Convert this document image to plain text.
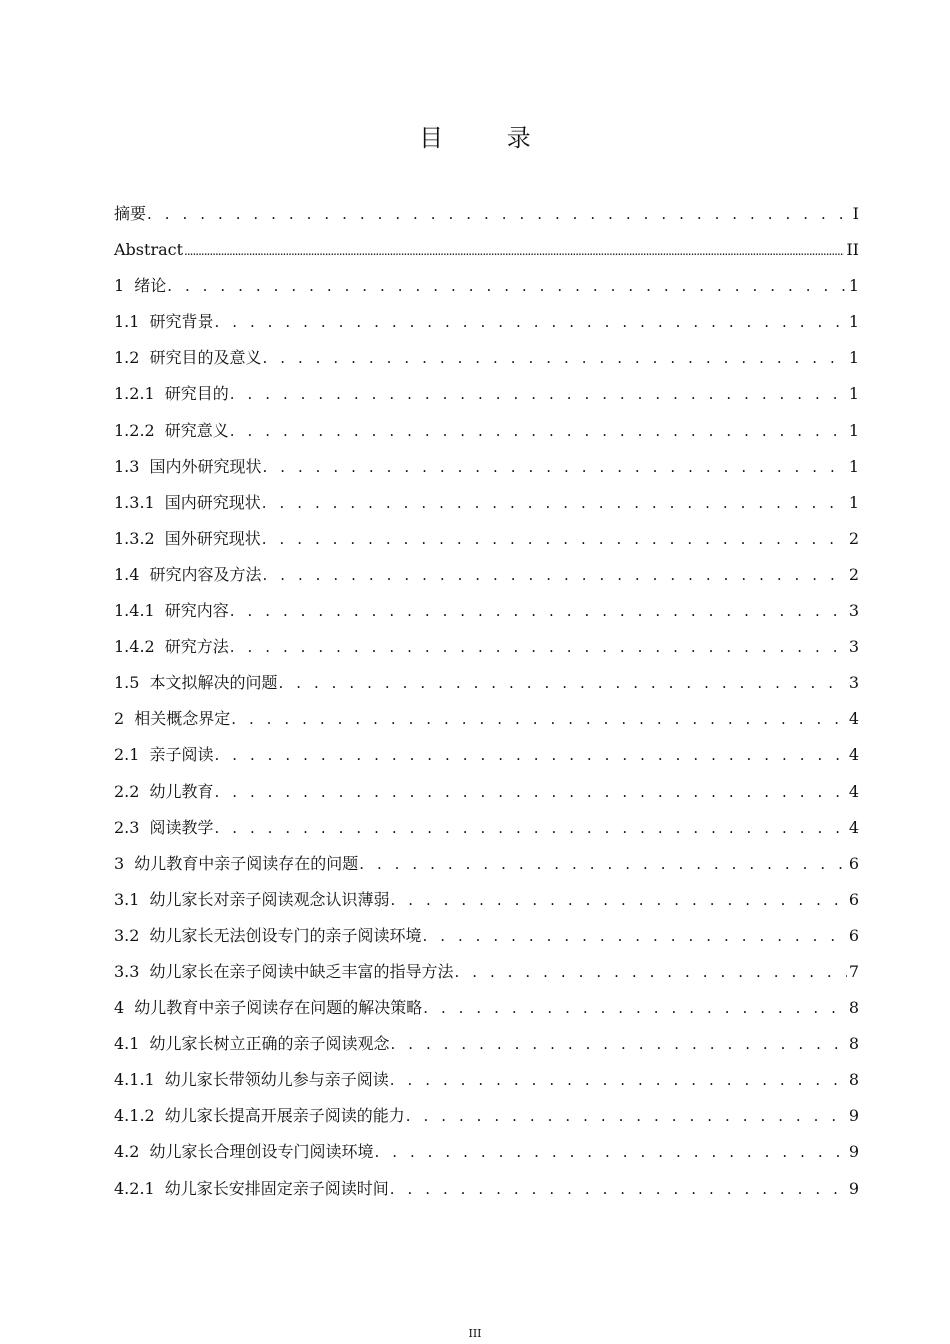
目 录
摘要 . . .	I
Abstract .....	II
1 绪论 . . .	1
1.1 研究背景 . . .	1
1.2 研究目的及意义 . . .	1
1.2.1 研究目的 . . .	1
1.2.2 研究意义 . . .	1
1.3 国内外研究现状 . . .	1
1.3.1 国内研究现状 . . .	1
1.3.2 国外研究现状 . . .	2
1.4 研究内容及方法 . . .	2
1.4.1 研究内容 . . .	3
1.4.2 研究方法 . . .	3
1.5 本文拟解决的问题 . . .	3
2 相关概念界定 . . .	4
2.1 亲子阅读 . . .	4
2.2 幼儿教育 . . .	4
2.3 阅读教学 . . .	4
3 幼儿教育中亲子阅读存在的问题 . . .	6
3.1 幼儿家长对亲子阅读观念认识薄弱 . . .	6
3.2 幼儿家长无法创设专门的亲子阅读环境 . . .	6
3.3 幼儿家长在亲子阅读中缺乏丰富的指导方法 . . .	7
4 幼儿教育中亲子阅读存在问题的解决策略 . . .	8
4.1 幼儿家长树立正确的亲子阅读观念 . . .	8
4.1.1 幼儿家长带领幼儿参与亲子阅读 . . .	8
4.1.2 幼儿家长提高开展亲子阅读的能力 . . .	9
4.2 幼儿家长合理创设专门阅读环境 . . .	9
4.2.1 幼儿家长安排固定亲子阅读时间 . . .	9
III
